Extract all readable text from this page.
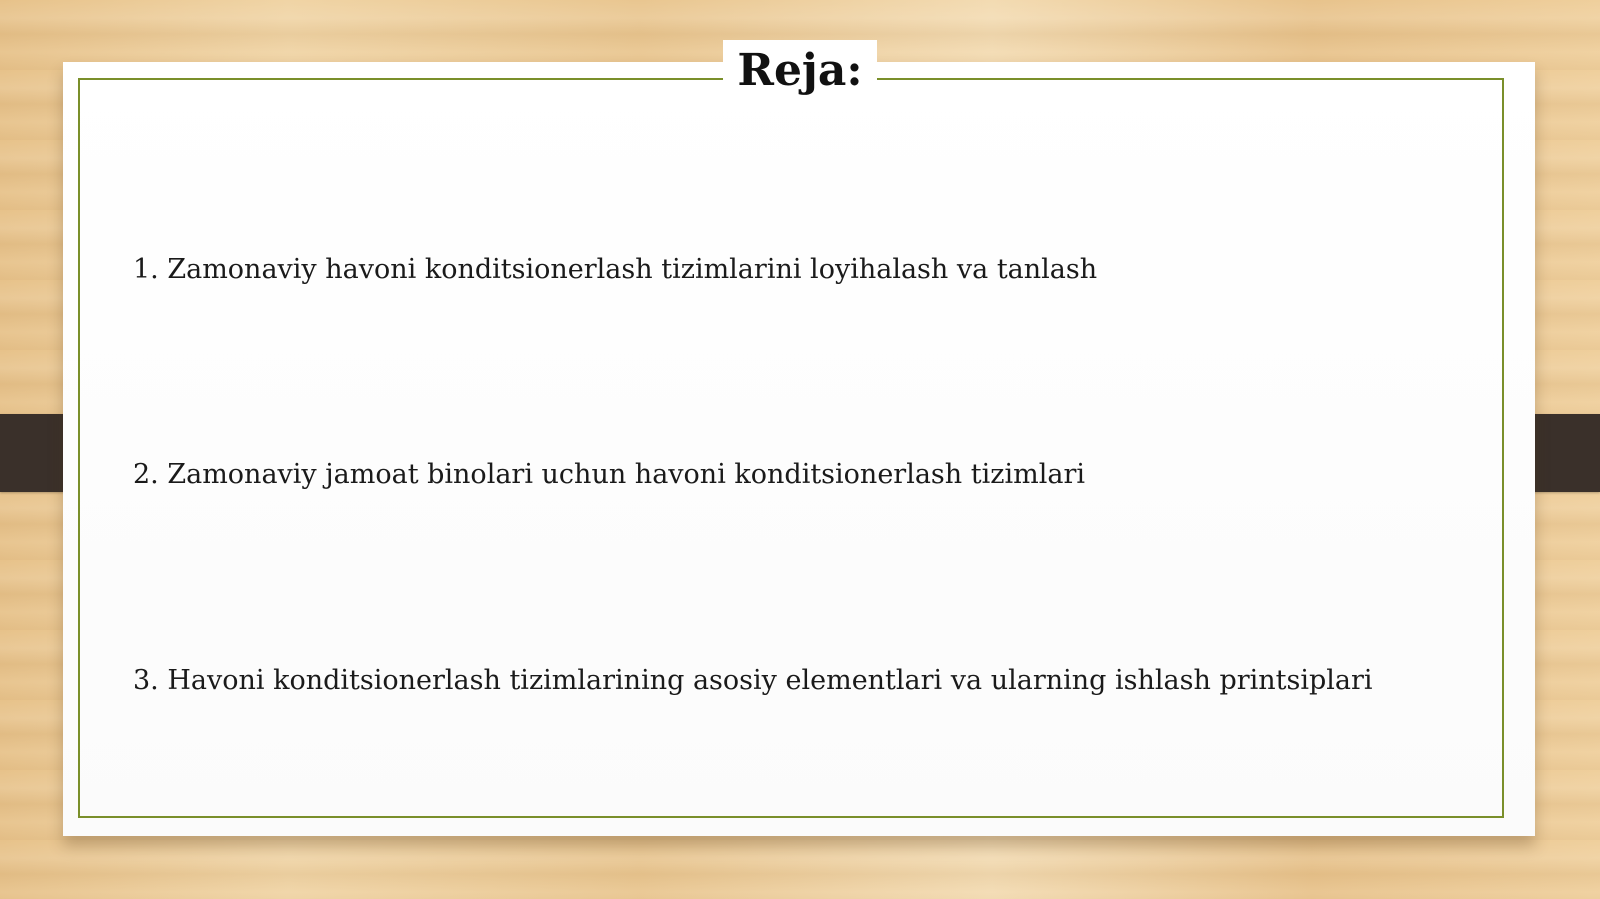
Reja:
1. Zamonaviy havoni konditsionerlash tizimlarini loyihalash va tanlash
2. Zamonaviy jamoat binolari uchun havoni konditsionerlash tizimlari
3. Havoni konditsionerlash tizimlarining asosiy elementlari va ularning ishlash printsiplari
